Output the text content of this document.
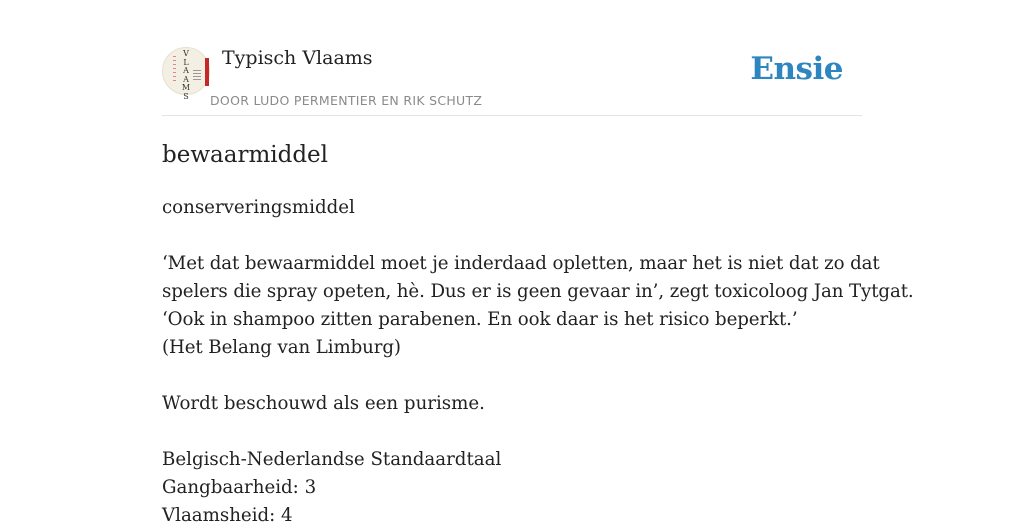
V
L
A
A
M
S
Typisch Vlaams
DOOR LUDO PERMENTIER EN RIK SCHUTZ
Ensie
bewaarmiddel

conserveringsmiddel

‘Met dat bewaarmiddel moet je inderdaad opletten, maar het is niet dat zo dat
spelers die spray opeten, hè. Dus er is geen gevaar in’, zegt toxicoloog Jan Tytgat.
‘Ook in shampoo zitten parabenen. En ook daar is het risico beperkt.’
(Het Belang van Limburg)

Wordt beschouwd als een purisme.

Belgisch-Nederlandse Standaardtaal
Gangbaarheid: 3
Vlaamsheid: 4
